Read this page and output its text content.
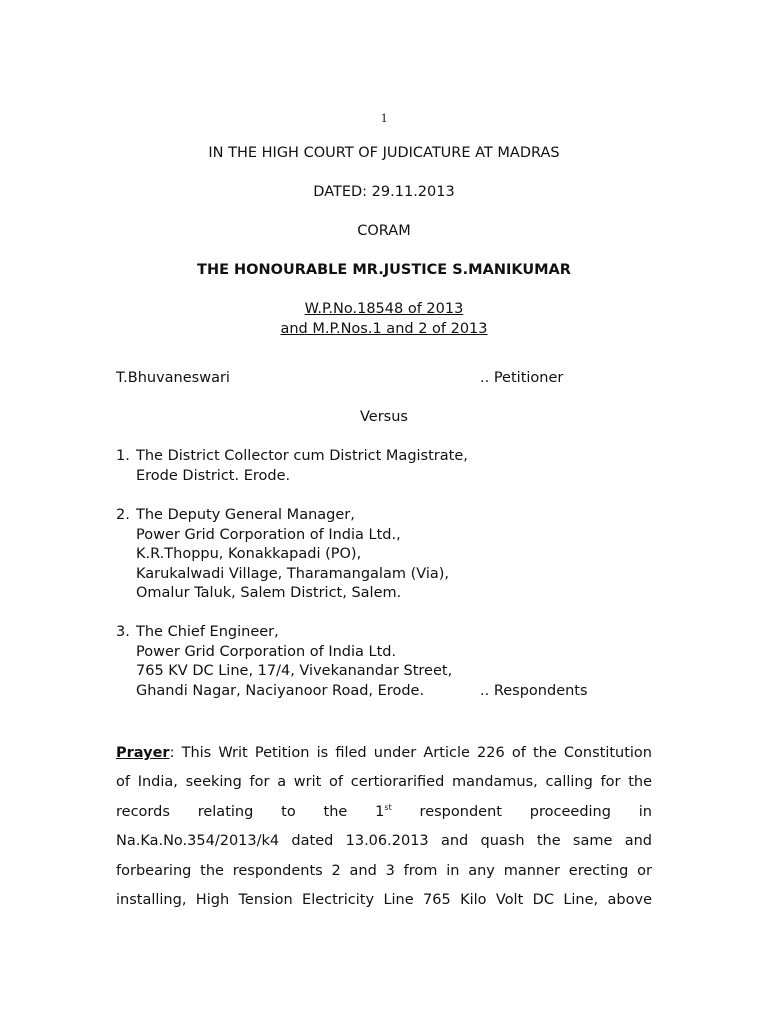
1
IN THE HIGH COURT OF JUDICATURE AT MADRAS
DATED: 29.11.2013
CORAM
THE HONOURABLE MR.JUSTICE S.MANIKUMAR
W.P.No.18548 of 2013
and M.P.Nos.1 and 2 of 2013
T.Bhuvaneswari	.. Petitioner
Versus
1. The District Collector cum District Magistrate,
Erode District. Erode.
2. The Deputy General Manager,
Power Grid Corporation of India Ltd.,
K.R.Thoppu, Konakkapadi (PO),
Karukalwadi Village, Tharamangalam (Via),
Omalur Taluk, Salem District, Salem.
3. The Chief Engineer,
Power Grid Corporation of India Ltd.
765 KV DC Line, 17/4, Vivekanandar Street,
Ghandi Nagar, Naciyanoor Road, Erode.	.. Respondents
Prayer: This Writ Petition is filed under Article 226 of the Constitution
of India, seeking for a writ of certiorarified mandamus, calling for the
records relating to the 1st respondent proceeding in
Na.Ka.No.354/2013/k4 dated 13.06.2013 and quash the same and
forbearing the respondents 2 and 3 from in any manner erecting or
installing, High Tension Electricity Line 765 Kilo Volt DC Line, above
